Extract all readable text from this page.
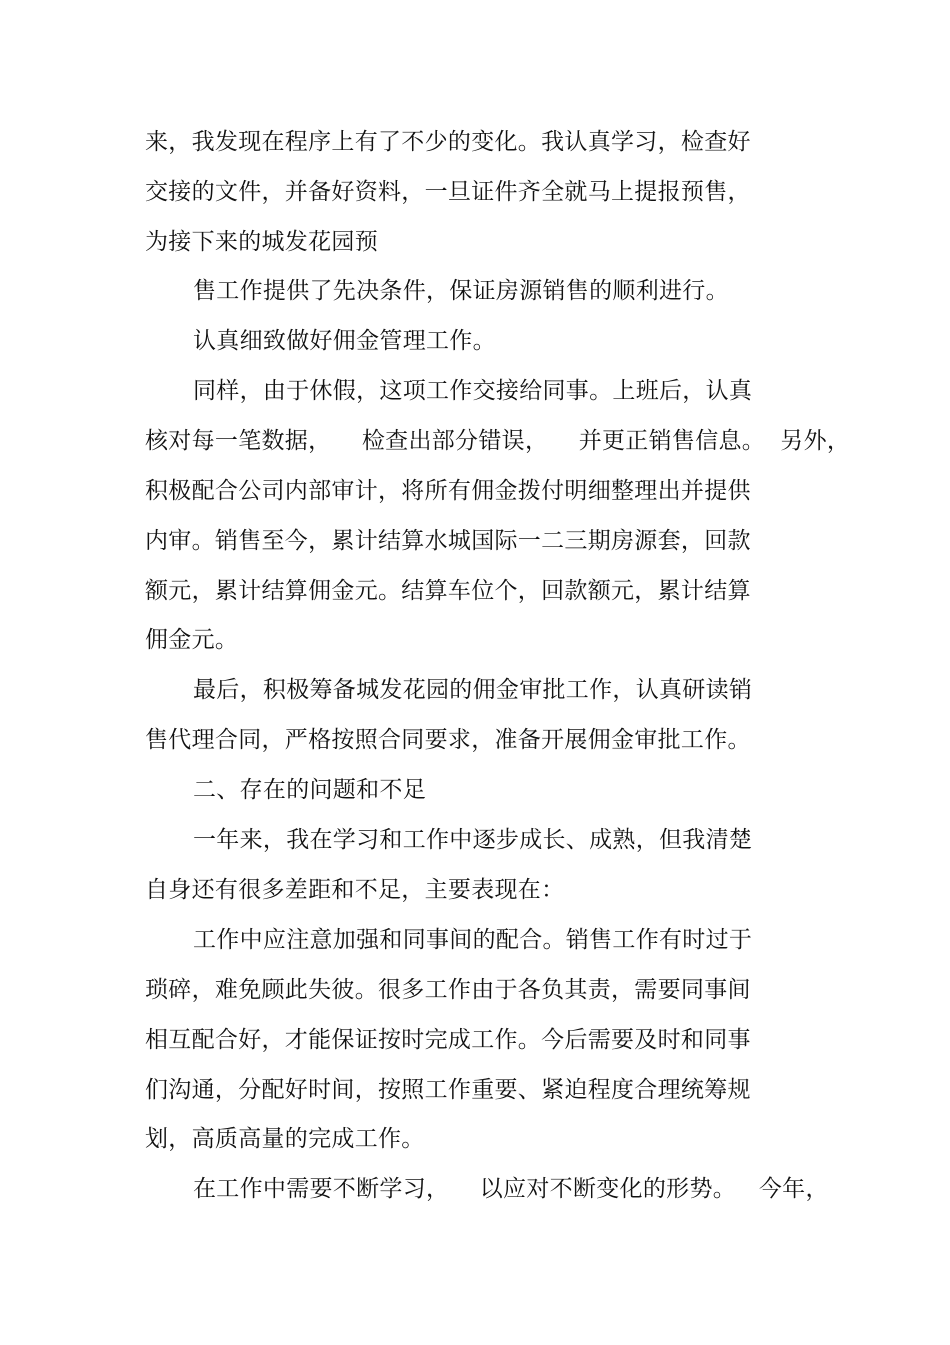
来，我发现在程序上有了不少的变化。我认真学习，检查好
交接的文件，并备好资料，一旦证件齐全就马上提报预售，
为接下来的城发花园预
售工作提供了先决条件，保证房源销售的顺利进行。
认真细致做好佣金管理工作。
同样，由于休假，这项工作交接给同事。上班后，认真
核对每一笔数据，    检查出部分错误，    并更正销售信息。  另外，
积极配合公司内部审计，将所有佣金拨付明细整理出并提供
内审。销售至今，累计结算水城国际一二三期房源套，回款
额元，累计结算佣金元。结算车位个，回款额元，累计结算
佣金元。
最后，积极筹备城发花园的佣金审批工作，认真研读销
售代理合同，严格按照合同要求，准备开展佣金审批工作。
二、存在的问题和不足
一年来，我在学习和工作中逐步成长、成熟，但我清楚
自身还有很多差距和不足，主要表现在：
工作中应注意加强和同事间的配合。销售工作有时过于
琐碎，难免顾此失彼。很多工作由于各负其责，需要同事间
相互配合好，才能保证按时完成工作。今后需要及时和同事
们沟通，分配好时间，按照工作重要、紧迫程度合理统筹规
划，高质高量的完成工作。
在工作中需要不断学习，    以应对不断变化的形势。   今年，
